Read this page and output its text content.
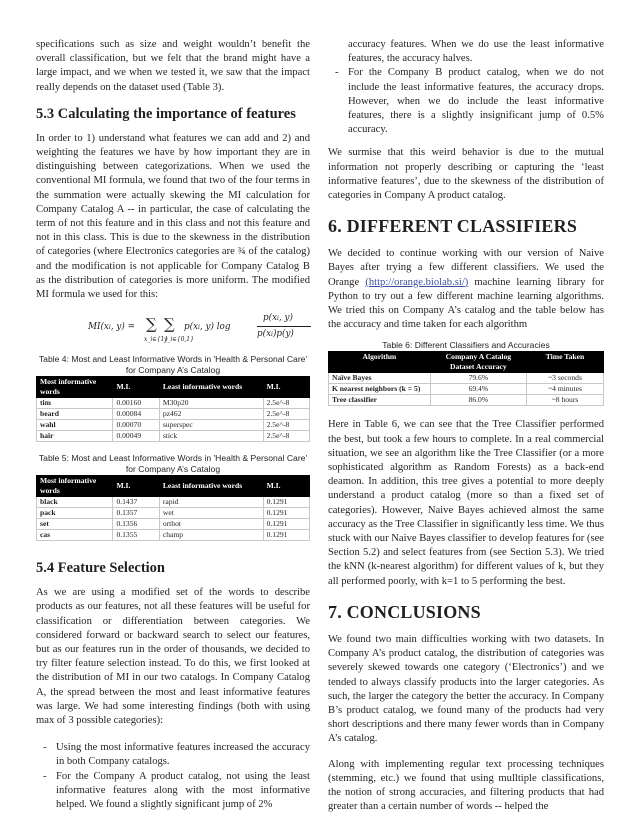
specifications such as size and weight wouldn’t benefit the overall classification, but we felt that the brand might have a large impact, and we when we tested it, we saw that the impact really depends on the dataset used (Table 3).

5.3 Calculating the importance of features

In order to 1) understand what features we can add and 2) and weighting the features we have by how important they are in distinguishing between categorizations. When we used the conventional MI formula, we found that two of the four terms in the summation were actually skewing the MI calculation for Company Catalog A -- in particular, the case of calculating the term of not this feature and in this class and not this feature and not in this class. This is due to the skewness in the distribution of categories (where Electronics categories are ¾ of the catalog) and the modification is not applicable for Company Catalog B as the distribution of categories is more uniform. The modified MI formula we used for this:

MI(xi, y) = ∑ ∑
x_i∈{1}
y_i∈{0,1}
p(xi, y) log
p(xi, y)
p(xi)p(y)
Table 4: Most and Least Informative Words in 'Health & Personal Care'
for Company A’s Catalog
Most informative words	M.I.	Least informative words	M.I.
tim	0.00160	M30p20	2.5e^-8
beard	0.00084	pz462	2.5e^-8
wahl	0.00070	superspec	2.5e^-8
hair	0.00049	stick	2.5e^-8
Table 5: Most and Least Informative Words in 'Health & Personal Care'
for Company A’s Catalog
Most informative words	M.I.	Least informative words	M.I.
black	0.1437	rapid	0.1291
pack	0.1357	wet	0.1291
set	0.1356	orthot	0.1291
cas	0.1355	champ	0.1291
5.4 Feature Selection

As we are using a modified set of the words to describe products as our features, not all these features will be useful for classification or differentiation between categories. We considered forward or backward search to select our features, but as our features run in the order of thousands, we decided to try filter feature selection instead. To do this, we first looked at the distribution of MI in our two catalogs. In Company Catalog A, the spread between the most and least informative features was large. We had some interesting findings (both with using max of 3 possible categories):

- Using the most informative features increased the accuracy in both Company catalogs.
- For the Company A product catalog, not using the least informative features along with the most informative helped. We found a slightly significant jump of 2%
accuracy features. When we do use the least informative features, the accuracy halves.
- For the Company B product catalog, when we do not include the least informative features, the accuracy drops. However, when we do include the least informative features, there is a slightly insignificant jump of 0.5% accuracy.

We surmise that this weird behavior is due to the mutual information not properly describing or capturing the ‘least informative features’, due to the skewness of the distribution of categories in Company A product catalog.

6. DIFFERENT CLASSIFIERS

We decided to continue working with our version of Naive Bayes after trying a few different classifiers. We used the Orange (http://orange.biolab.si/) machine learning library for Python to try out a few different machine learning algorithms. We tried this on Company A’s catalog and the table below has the accuracy and time taken for each algorithm

Table 6: Different Classifiers and Accuracies
Algorithm	Company A Catalog Dataset Accuracy	Time Taken
Naïve Bayes	79.6%	~3 seconds
K nearest neighbors (k = 5)	69.4%	~4 minutes
Tree classifier	86.0%	~8 hours

Here in Table 6, we can see that the Tree Classifier performed the best, but took a few hours to complete. In a real commercial situation, we see an algorithm like the Tree Classifier (or a more sophisticated algorithm as Random Forests) as a back-end deamon. In addition, this tree gives a potential to more deeply understand a product catalog (more so than a fixed set of categories). However, Naive Bayes achieved almost the same accuracy as the Tree Classifier in significantly less time. We thus stuck with our Naive Bayes classifier to develop features for (see Section 5.2) and select features from (see Section 5.3). We tried the kNN (k-nearest algorithm) for different values of k, but they all performed poorly, with k=1 to 5 performing the best.

7. CONCLUSIONS

We found two main difficulties working with two datasets. In Company A’s product catalog, the distribution of categories was severely skewed towards one category (‘Electronics’) and we tended to always classify products into the larger categories. As such, the larger the category the better the accuracy. In Company B’s product catalog, we found many of the products had very short descriptions and there many fewer words than in Company A’s catalog.

Along with implementing regular text processing techniques (stemming, etc.) we found that using mulltiple classifications, the notion of strong accuracies, and filtering products that had greater than a certain number of words -- helped the
